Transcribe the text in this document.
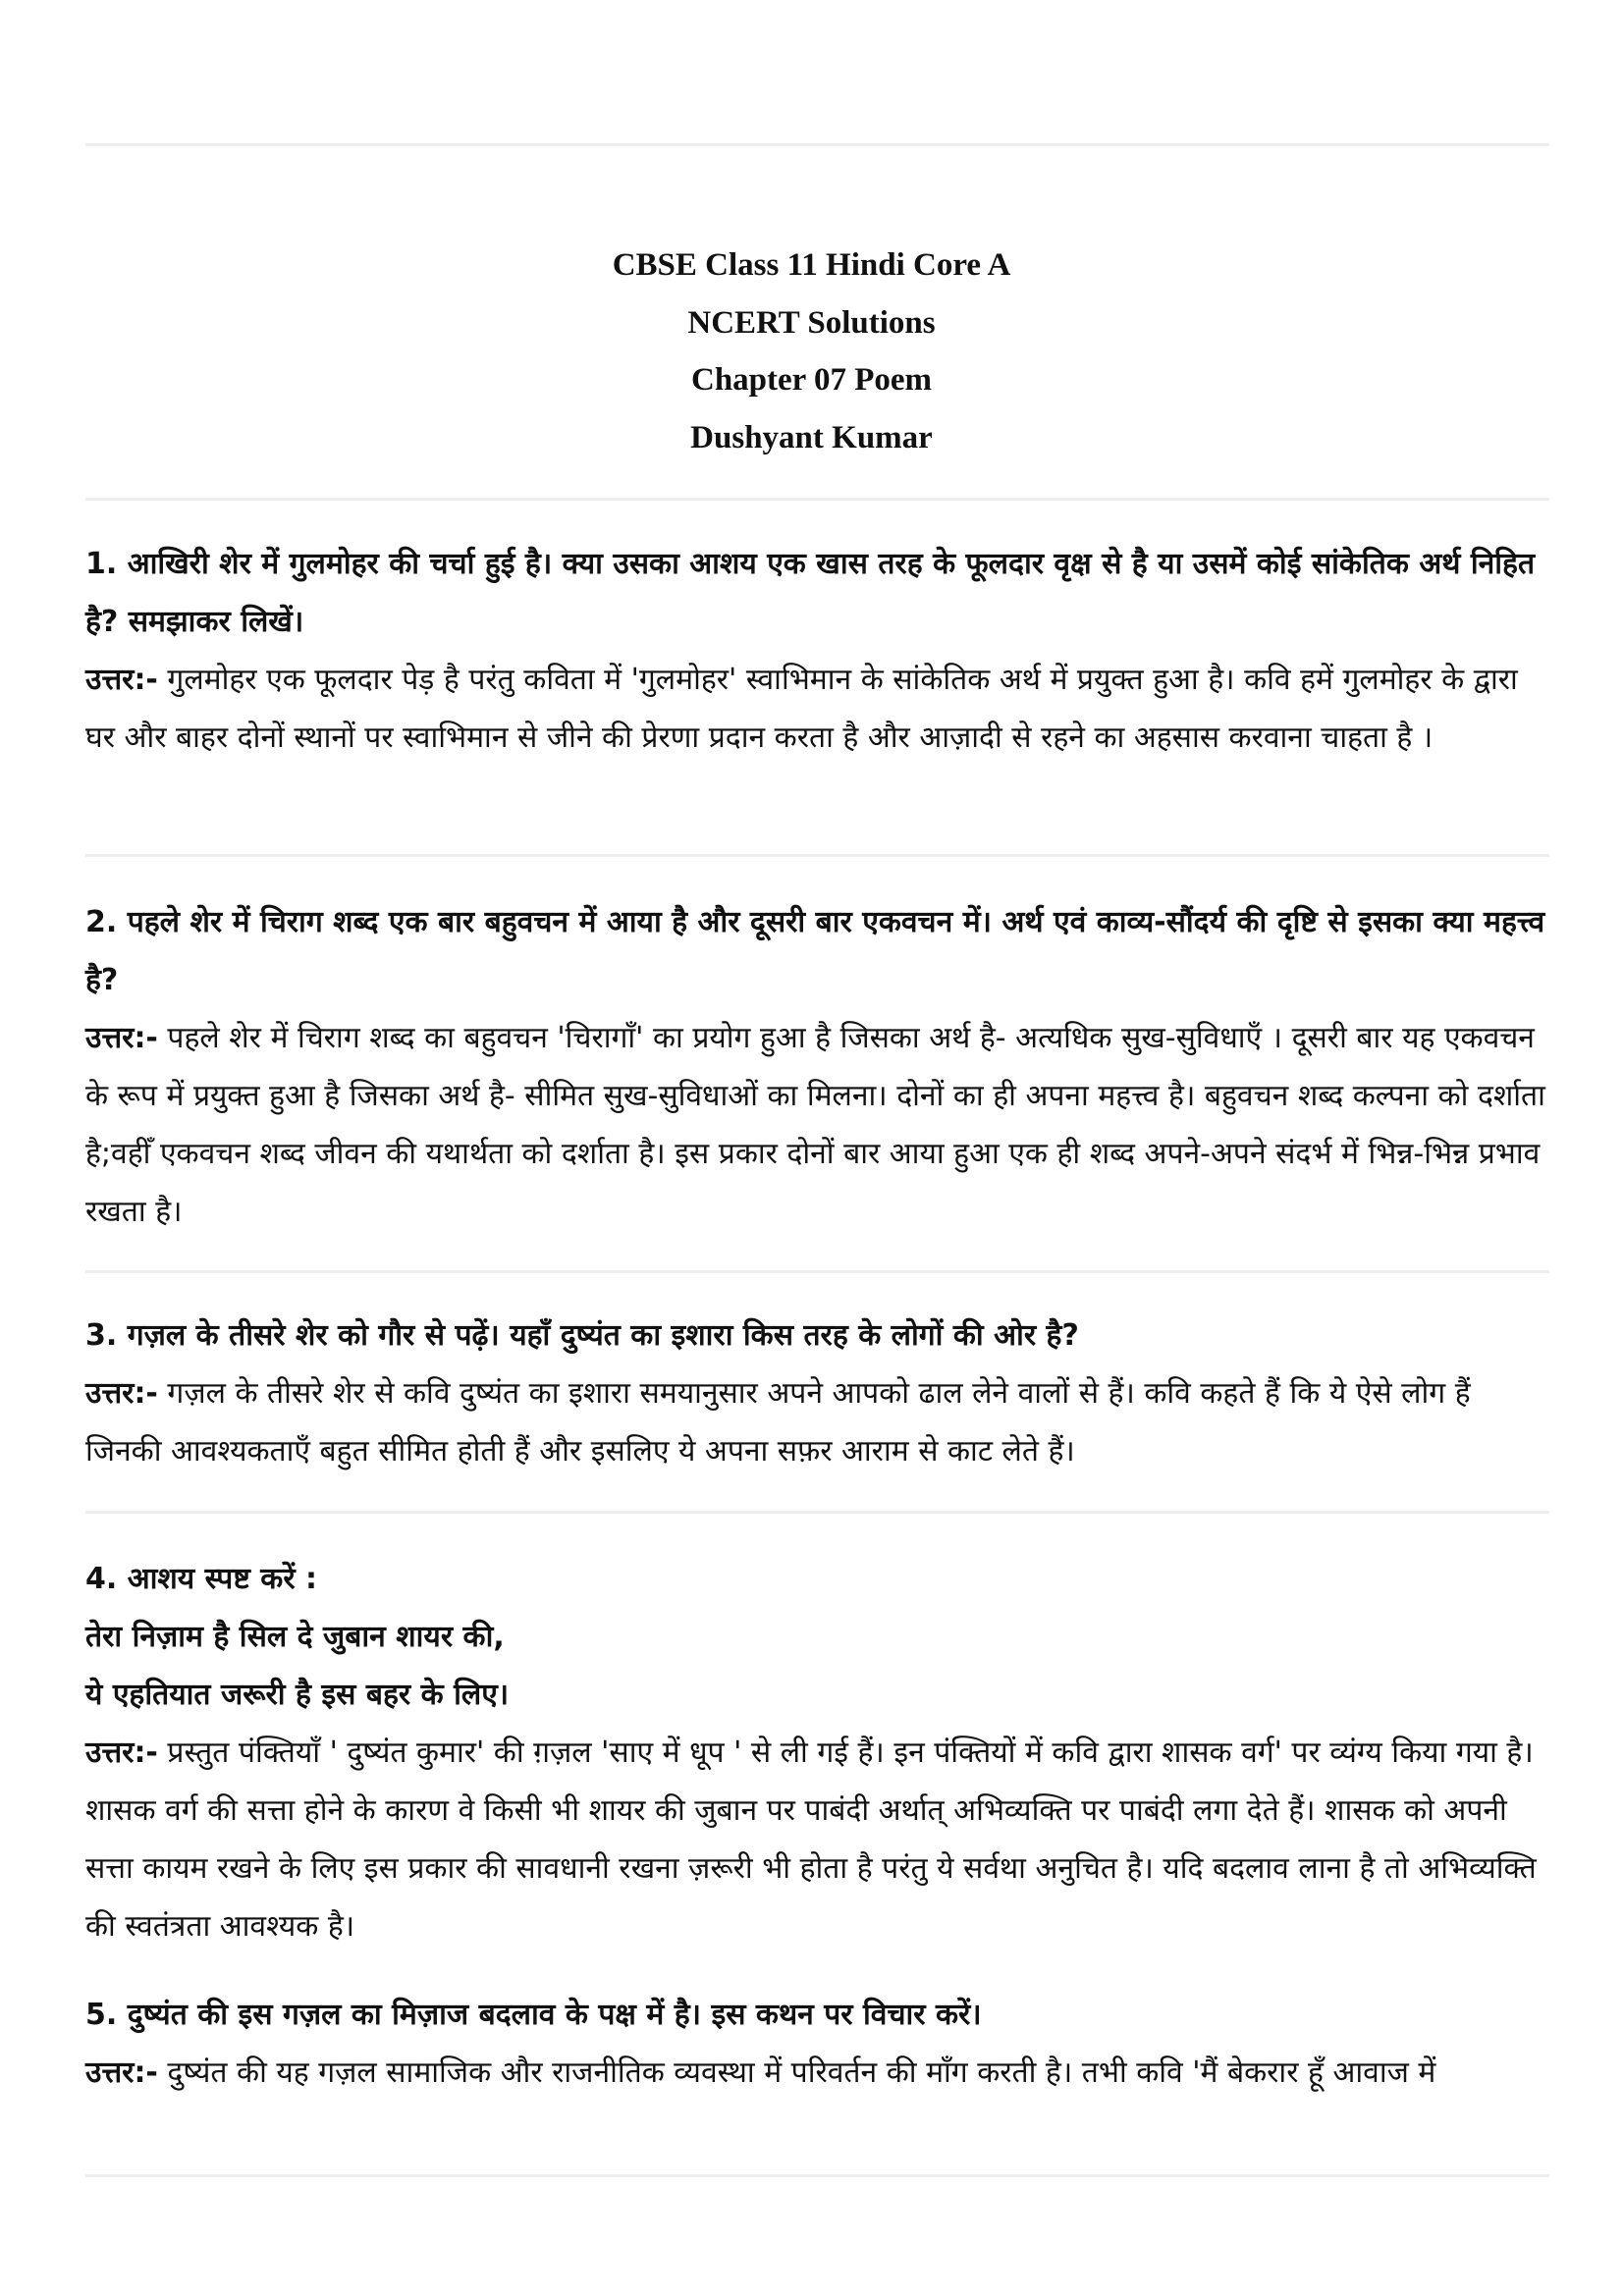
CBSE Class 11 Hindi Core A
NCERT Solutions
Chapter 07 Poem
Dushyant Kumar
1. आखिरी शेर में गुलमोहर की चर्चा हुई है। क्या उसका आशय एक खास तरह के फूलदार वृक्ष से है या उसमें कोई सांकेतिक अर्थ निहित है? समझाकर लिखें।
उत्तर:- गुलमोहर एक फूलदार पेड़ है परंतु कविता में 'गुलमोहर' स्वाभिमान के सांकेतिक अर्थ में प्रयुक्त हुआ है। कवि हमें गुलमोहर के द्वारा घर और बाहर दोनों स्थानों पर स्वाभिमान से जीने की प्रेरणा प्रदान करता है और आज़ादी से रहने का अहसास करवाना चाहता है ।
2. पहले शेर में चिराग शब्द एक बार बहुवचन में आया है और दूसरी बार एकवचन में। अर्थ एवं काव्य-सौंदर्य की दृष्टि से इसका क्या महत्त्व है?
उत्तर:- पहले शेर में चिराग शब्द का बहुवचन 'चिरागाँ' का प्रयोग हुआ है जिसका अर्थ है- अत्यधिक सुख-सुविधाएँ । दूसरी बार यह एकवचन के रूप में प्रयुक्त हुआ है जिसका अर्थ है- सीमित सुख-सुविधाओं का मिलना। दोनों का ही अपना महत्त्व है। बहुवचन शब्द कल्पना को दर्शाता है;वहीँ एकवचन शब्द जीवन की यथार्थता को दर्शाता है। इस प्रकार दोनों बार आया हुआ एक ही शब्द अपने-अपने संदर्भ में भिन्न-भिन्न प्रभाव रखता है।
3. गज़ल के तीसरे शेर को गौर से पढ़ें। यहाँ दुष्यंत का इशारा किस तरह के लोगों की ओर है?
उत्तर:- गज़ल के तीसरे शेर से कवि दुष्यंत का इशारा समयानुसार अपने आपको ढाल लेने वालों से हैं। कवि कहते हैं कि ये ऐसे लोग हैं जिनकी आवश्यकताएँ बहुत सीमित होती हैं और इसलिए ये अपना सफ़र आराम से काट लेते हैं।
4. आशय स्पष्ट करें :
तेरा निज़ाम है सिल दे जुबान शायर की,
ये एहतियात जरूरी है इस बहर के लिए।
उत्तर:- प्रस्तुत पंक्तियाँ ' दुष्यंत कुमार' की ग़ज़ल 'साए में धूप ' से ली गई हैं। इन पंक्तियों में कवि द्वारा शासक वर्ग' पर व्यंग्य किया गया है। शासक वर्ग की सत्ता होने के कारण वे किसी भी शायर की जुबान पर पाबंदी अर्थात् अभिव्यक्ति पर पाबंदी लगा देते हैं। शासक को अपनी सत्ता कायम रखने के लिए इस प्रकार की सावधानी रखना ज़रूरी भी होता है परंतु ये सर्वथा अनुचित है। यदि बदलाव लाना है तो अभिव्यक्ति की स्वतंत्रता आवश्यक है।
5. दुष्यंत की इस गज़ल का मिज़ाज बदलाव के पक्ष में है। इस कथन पर विचार करें।
उत्तर:- दुष्यंत की यह गज़ल सामाजिक और राजनीतिक व्यवस्था में परिवर्तन की माँग करती है। तभी कवि 'मैं बेकरार हूँ आवाज में
